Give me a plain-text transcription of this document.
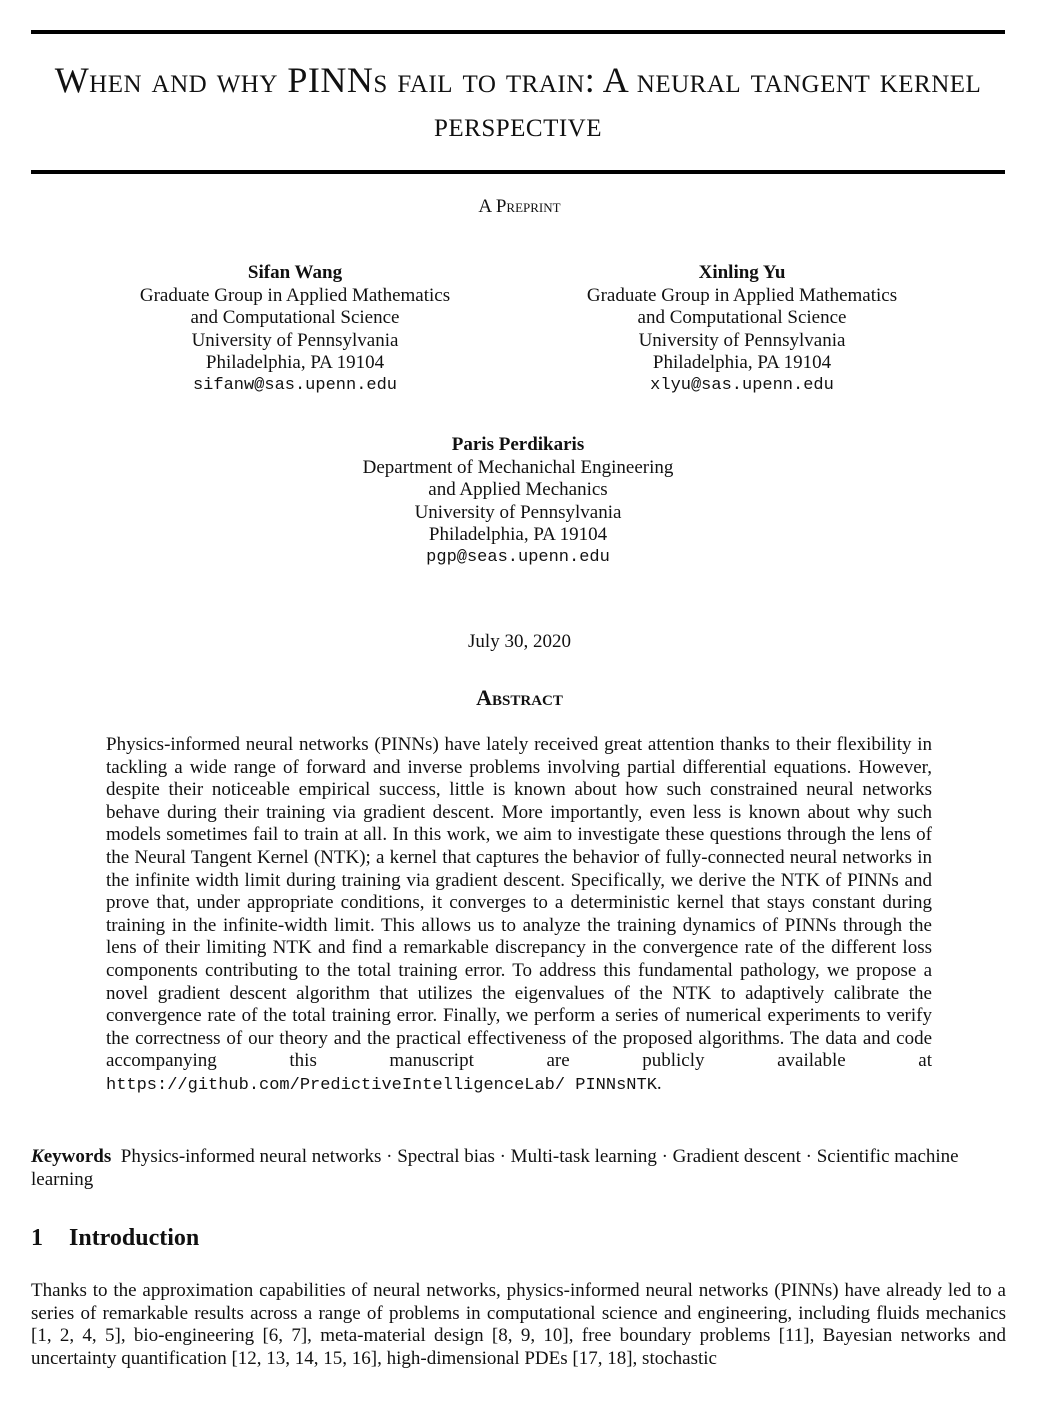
When and why PINNs fail to train: A neural tangent kernel perspective
A Preprint
Sifan Wang
Graduate Group in Applied Mathematics
and Computational Science
University of Pennsylvania
Philadelphia, PA 19104
sifanw@sas.upenn.edu
Xinling Yu
Graduate Group in Applied Mathematics
and Computational Science
University of Pennsylvania
Philadelphia, PA 19104
xlyu@sas.upenn.edu
Paris Perdikaris
Department of Mechanichal Engineering
and Applied Mechanics
University of Pennsylvania
Philadelphia, PA 19104
pgp@seas.upenn.edu
July 30, 2020
Abstract
Physics-informed neural networks (PINNs) have lately received great attention thanks to their flexibility in tackling a wide range of forward and inverse problems involving partial differential equations. However, despite their noticeable empirical success, little is known about how such constrained neural networks behave during their training via gradient descent. More importantly, even less is known about why such models sometimes fail to train at all. In this work, we aim to investigate these questions through the lens of the Neural Tangent Kernel (NTK); a kernel that captures the behavior of fully-connected neural networks in the infinite width limit during training via gradient descent. Specifically, we derive the NTK of PINNs and prove that, under appropriate conditions, it converges to a deterministic kernel that stays constant during training in the infinite-width limit. This allows us to analyze the training dynamics of PINNs through the lens of their limiting NTK and find a remarkable discrepancy in the convergence rate of the different loss components contributing to the total training error. To address this fundamental pathology, we propose a novel gradient descent algorithm that utilizes the eigenvalues of the NTK to adaptively calibrate the convergence rate of the total training error. Finally, we perform a series of numerical experiments to verify the correctness of our theory and the practical effectiveness of the proposed algorithms. The data and code accompanying this manuscript are publicly available at https://github.com/PredictiveIntelligenceLab/ PINNsNTK.
Keywords Physics-informed neural networks · Spectral bias · Multi-task learning · Gradient descent · Scientific machine learning
1 Introduction
Thanks to the approximation capabilities of neural networks, physics-informed neural networks (PINNs) have already led to a series of remarkable results across a range of problems in computational science and engineering, including fluids mechanics [1, 2, 4, 5], bio-engineering [6, 7], meta-material design [8, 9, 10], free boundary problems [11], Bayesian networks and uncertainty quantification [12, 13, 14, 15, 16], high-dimensional PDEs [17, 18], stochastic
